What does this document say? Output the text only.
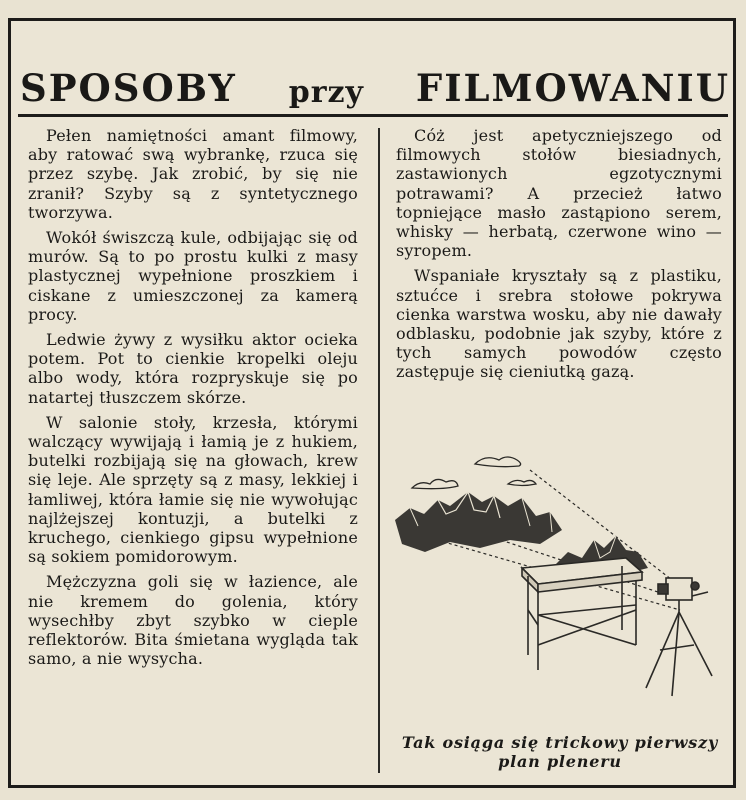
SPOSOBY przy FILMOWANIU

Pełen namiętności amant filmowy, aby ratować swą wybrankę, rzuca się przez szybę. Jak zrobić, by się nie zranił? Szyby są z syntetycznego tworzywa.

Wokół świszczą kule, odbijając się od murów. Są to po prostu kulki z masy plastycznej wypełnione proszkiem i ciskane z umieszczonej za kamerą procy.

Ledwie żywy z wysiłku aktor ocieka potem. Pot to cienkie kropelki oleju albo wody, która rozpryskuje się po natartej tłuszczem skórze.

W salonie stoły, krzesła, którymi walczący wywijają i łamią je z hukiem, butelki rozbijają się na głowach, krew się leje. Ale sprzęty są z masy, lekkiej i łamliwej, która łamie się nie wywołując najlżejszej kontuzji, a butelki z kruchego, cienkiego gipsu wypełnione są sokiem pomidorowym.

Mężczyzna goli się w łazience, ale nie kremem do golenia, który wysechłby zbyt szybko w cieple reflektorów. Bita śmietana wygląda tak samo, a nie wysycha.

Cóż jest apetyczniejszego od filmowych stołów biesiadnych, zastawionych egzotycznymi potrawami? A przecież łatwo topniejące masło zastąpiono serem, whisky — herbatą, czerwone wino — syropem.

Wspaniałe kryształy są z plastiku, sztućce i srebra stołowe pokrywa cienka warstwa wosku, aby nie dawały odblasku, podobnie jak szyby, które z tych samych powodów często zastępuje się cieniutką gazą.

Tak osiąga się trickowy pierwszy plan pleneru
